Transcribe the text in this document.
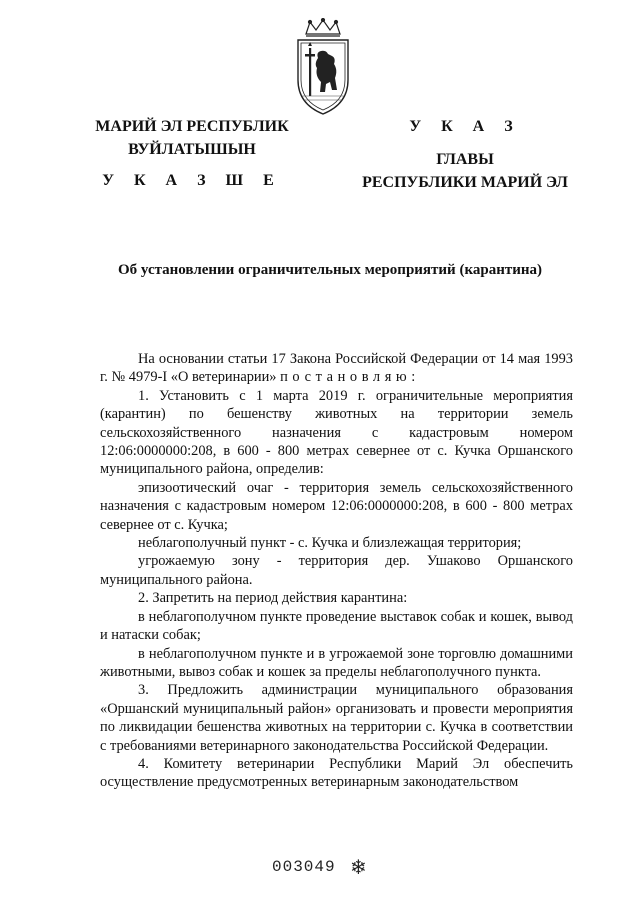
МАРИЙ ЭЛ РЕСПУБЛИК
ВУЙЛАТЫШЫН
У К А З Ш Е
У К А З
ГЛАВЫ
РЕСПУБЛИКИ МАРИЙ ЭЛ
Об установлении ограничительных мероприятий (карантина)

На основании статьи 17 Закона Российской Федерации от 14 мая 1993 г. № 4979-I «О ветеринарии» постановляю:

1. Установить с 1 марта 2019 г. ограничительные мероприятия (карантин) по бешенству животных на территории земель сельскохозяйственного назначения с кадастровым номером 12:06:0000000:208, в 600 - 800 метрах севернее от с. Кучка Оршанского муниципального района, определив:

эпизоотический очаг - территория земель сельскохозяйственного назначения с кадастровым номером 12:06:0000000:208, в 600 - 800 метрах севернее от с. Кучка;

неблагополучный пункт - с. Кучка и близлежащая территория;

угрожаемую зону - территория дер. Ушаково Оршанского муниципального района.

2. Запретить на период действия карантина:

в неблагополучном пункте проведение выставок собак и кошек, вывод и натаски собак;

в неблагополучном пункте и в угрожаемой зоне торговлю домашними животными, вывоз собак и кошек за пределы неблагополучного пункта.

3. Предложить администрации муниципального образования «Оршанский муниципальный район» организовать и провести мероприятия по ликвидации бешенства животных на территории с. Кучка в соответствии с требованиями ветеринарного законодательства Российской Федерации.

4. Комитету ветеринарии Республики Марий Эл обеспечить осуществление предусмотренных ветеринарным законодательством

003049 ❄
